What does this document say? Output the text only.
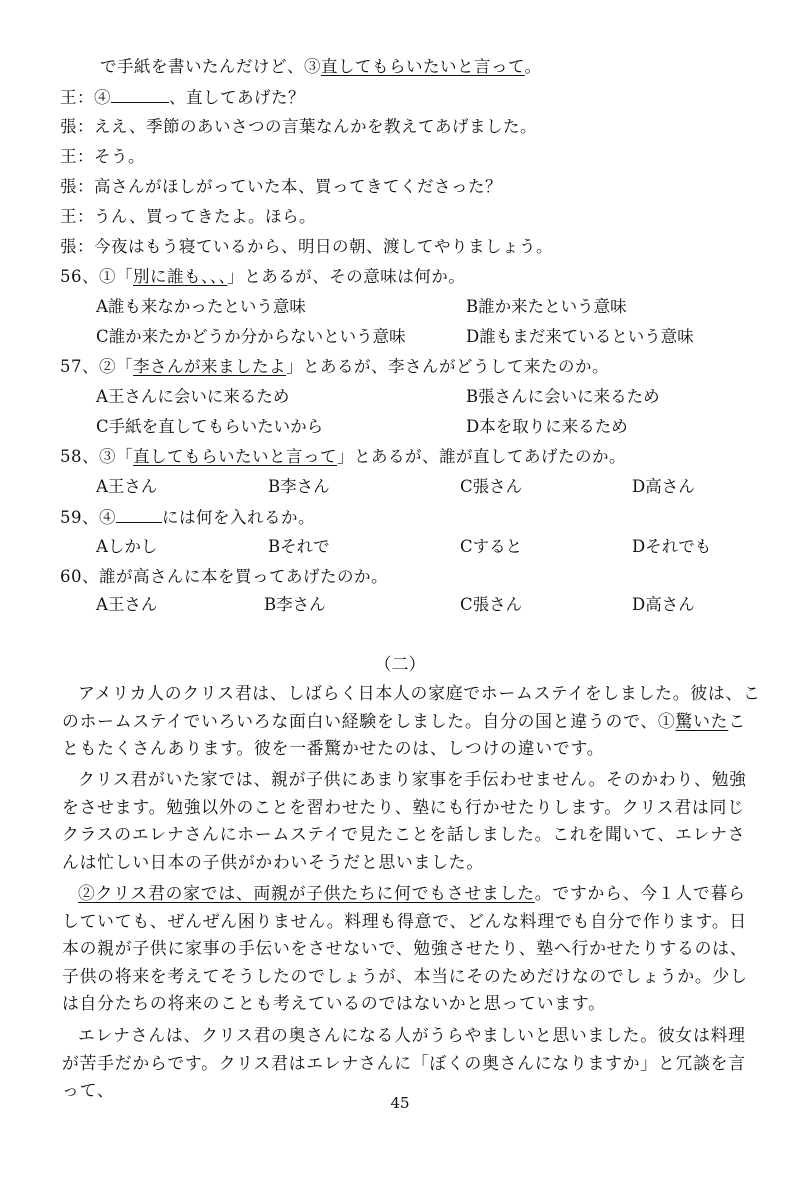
で手紙を書いたんだけど、③直してもらいたいと言って。
王：④	、直してあげた？
張：ええ、季節のあいさつの言葉なんかを教えてあげました。
王：そう。
張：高さんがほしがっていた本、買ってきてくださった？
王：うん、買ってきたよ。ほら。
張：今夜はもう寝ているから、明日の朝、渡してやりましょう。
56、①「別に誰も、、、」とあるが、その意味は何か。
A誰も来なかったという意味	B誰か来たという意味
C誰か来たかどうか分からないという意味	D誰もまだ来ているという意味
57、②「李さんが来ましたよ」とあるが、李さんがどうして来たのか。
A王さんに会いに来るため	B張さんに会いに来るため
C手紙を直してもらいたいから	D本を取りに来るため
58、③「直してもらいたいと言って」とあるが、誰が直してあげたのか。
A王さん	B李さん	C張さん	D高さん
59、④	には何を入れるか。
Aしかし	Bそれで	Cすると	Dそれでも
60、誰が高さんに本を買ってあげたのか。
A王さん	B李さん	C張さん	D高さん
（二）
アメリカ人のクリス君は、しばらく日本人の家庭でホームステイをしました。彼は、このホームステイでいろいろな面白い経験をしました。自分の国と違うので、①驚いたこともたくさんあります。彼を一番驚かせたのは、しつけの違いです。
クリス君がいた家では、親が子供にあまり家事を手伝わせません。そのかわり、勉強をさせます。勉強以外のことを習わせたり、塾にも行かせたりします。クリス君は同じクラスのエレナさんにホームステイで見たことを話しました。これを聞いて、エレナさんは忙しい日本の子供がかわいそうだと思いました。
②クリス君の家では、両親が子供たちに何でもさせました。ですから、今１人で暮らしていても、ぜんぜん困りません。料理も得意で、どんな料理でも自分で作ります。日本の親が子供に家事の手伝いをさせないで、勉強させたり、塾へ行かせたりするのは、子供の将来を考えてそうしたのでしょうが、本当にそのためだけなのでしょうか。少しは自分たちの将来のことも考えているのではないかと思っています。
エレナさんは、クリス君の奥さんになる人がうらやましいと思いました。彼女は料理が苦手だからです。クリス君はエレナさんに「ぼくの奥さんになりますか」と冗談を言って、
45
